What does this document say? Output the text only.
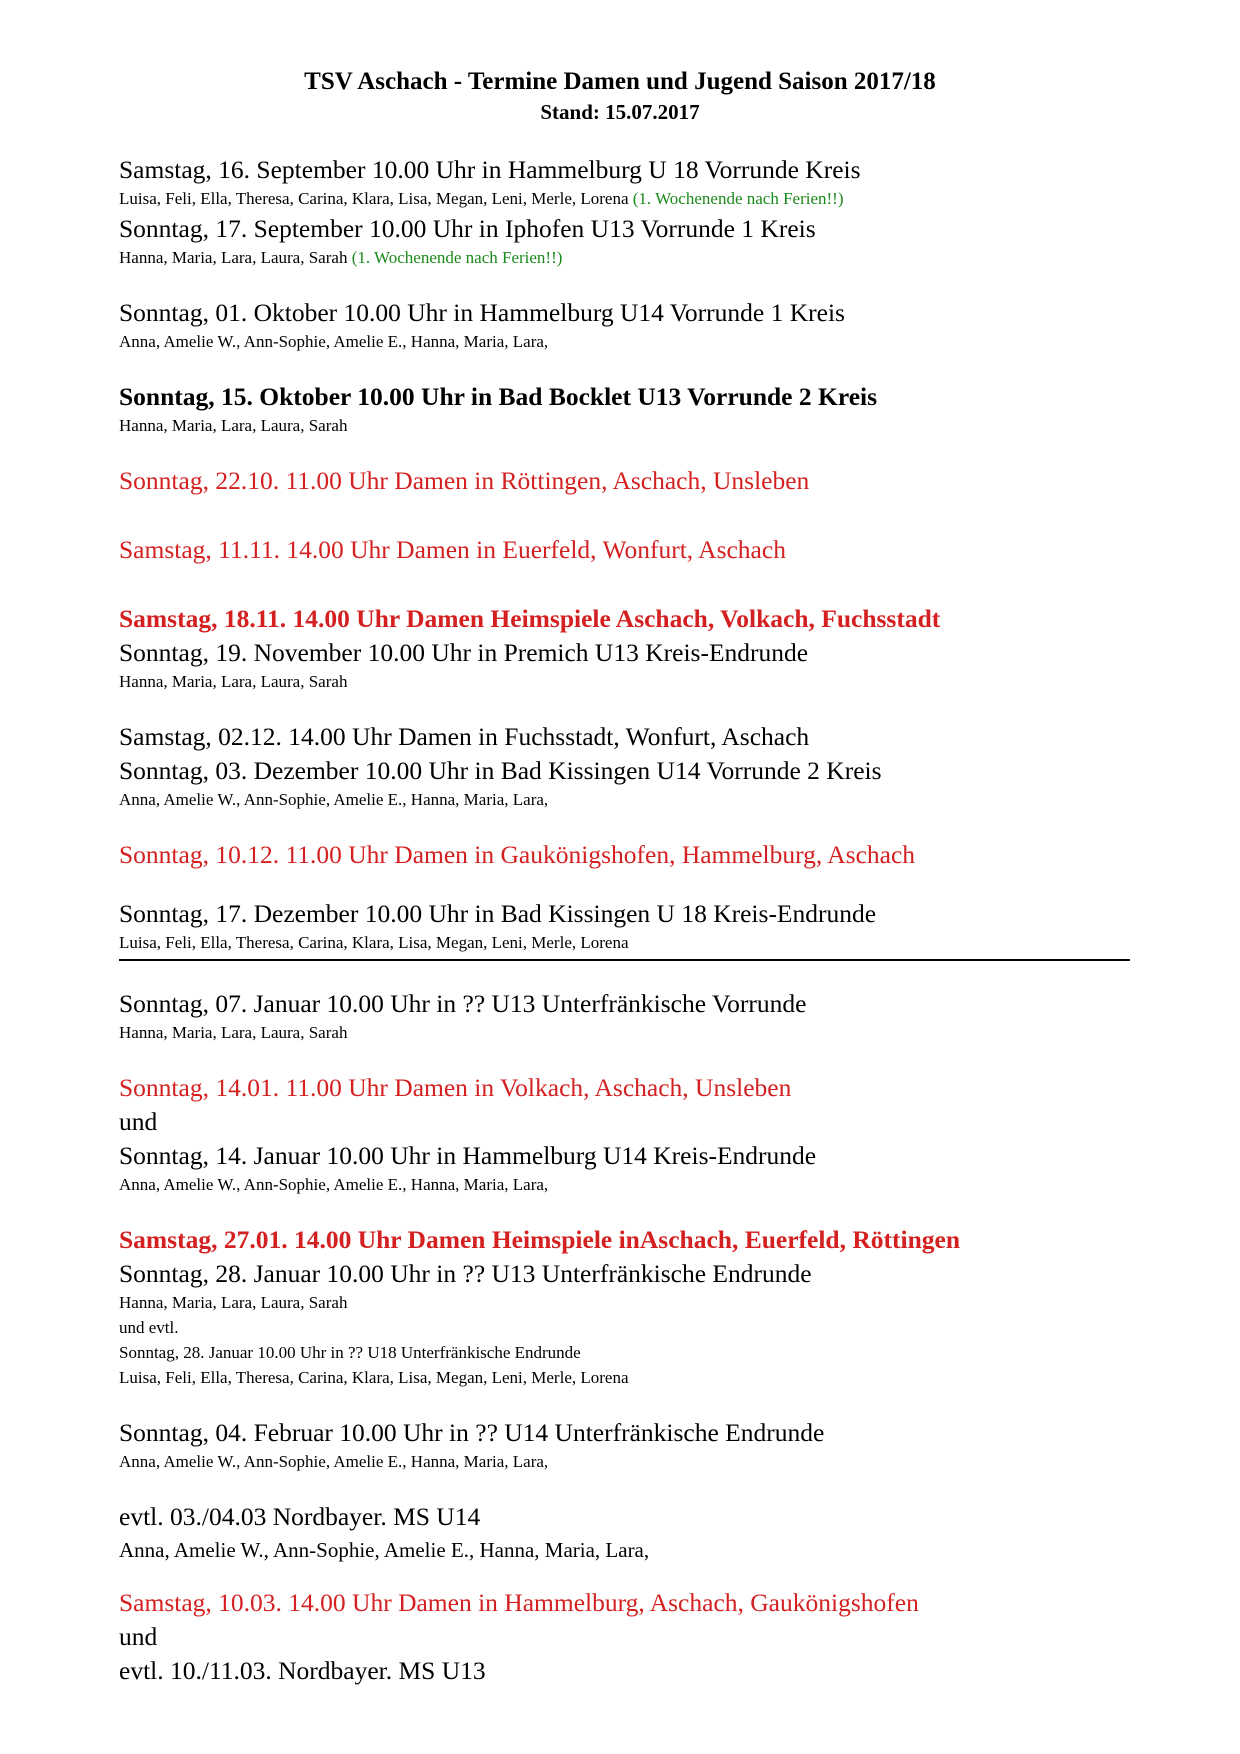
TSV Aschach - Termine Damen und Jugend Saison 2017/18
Stand: 15.07.2017
Samstag, 16. September 10.00 Uhr in Hammelburg U 18 Vorrunde Kreis
Luisa, Feli, Ella, Theresa, Carina, Klara, Lisa, Megan, Leni, Merle, Lorena (1. Wochenende nach Ferien!!)
Sonntag, 17. September 10.00 Uhr in Iphofen U13 Vorrunde 1 Kreis
Hanna, Maria, Lara, Laura, Sarah (1. Wochenende nach Ferien!!)
Sonntag, 01. Oktober 10.00 Uhr in Hammelburg U14 Vorrunde 1 Kreis
Anna, Amelie W., Ann-Sophie, Amelie E., Hanna, Maria, Lara,
Sonntag, 15. Oktober 10.00 Uhr in Bad Bocklet U13 Vorrunde 2 Kreis
Hanna, Maria, Lara, Laura, Sarah
Sonntag, 22.10. 11.00 Uhr Damen in Röttingen, Aschach, Unsleben
Samstag, 11.11. 14.00 Uhr Damen in Euerfeld, Wonfurt, Aschach
Samstag, 18.11. 14.00 Uhr Damen Heimspiele Aschach, Volkach, Fuchsstadt
Sonntag, 19. November 10.00 Uhr in Premich U13 Kreis-Endrunde
Hanna, Maria, Lara, Laura, Sarah
Samstag, 02.12. 14.00 Uhr Damen in Fuchsstadt, Wonfurt, Aschach
Sonntag, 03. Dezember 10.00 Uhr in Bad Kissingen U14 Vorrunde 2 Kreis
Anna, Amelie W., Ann-Sophie, Amelie E., Hanna, Maria, Lara,
Sonntag, 10.12. 11.00 Uhr Damen in Gaukönigshofen, Hammelburg, Aschach
Sonntag, 17. Dezember 10.00 Uhr in Bad Kissingen U 18 Kreis-Endrunde
Luisa, Feli, Ella, Theresa, Carina, Klara, Lisa, Megan, Leni, Merle, Lorena
Sonntag, 07. Januar 10.00 Uhr in ?? U13 Unterfränkische Vorrunde
Hanna, Maria, Lara, Laura, Sarah
Sonntag, 14.01. 11.00 Uhr Damen in Volkach, Aschach, Unsleben
und
Sonntag, 14. Januar 10.00 Uhr in Hammelburg U14 Kreis-Endrunde
Anna, Amelie W., Ann-Sophie, Amelie E., Hanna, Maria, Lara,
Samstag, 27.01. 14.00 Uhr Damen Heimspiele inAschach, Euerfeld, Röttingen
Sonntag, 28. Januar 10.00 Uhr in ?? U13 Unterfränkische Endrunde
Hanna, Maria, Lara, Laura, Sarah
und evtl.
Sonntag, 28. Januar 10.00 Uhr in ?? U18 Unterfränkische Endrunde
Luisa, Feli, Ella, Theresa, Carina, Klara, Lisa, Megan, Leni, Merle, Lorena
Sonntag, 04. Februar 10.00 Uhr in ?? U14 Unterfränkische Endrunde
Anna, Amelie W., Ann-Sophie, Amelie E., Hanna, Maria, Lara,
evtl. 03./04.03 Nordbayer. MS U14
Anna, Amelie W., Ann-Sophie, Amelie E., Hanna, Maria, Lara,
Samstag, 10.03. 14.00 Uhr Damen in Hammelburg, Aschach, Gaukönigshofen
und
evtl. 10./11.03. Nordbayer. MS U13
